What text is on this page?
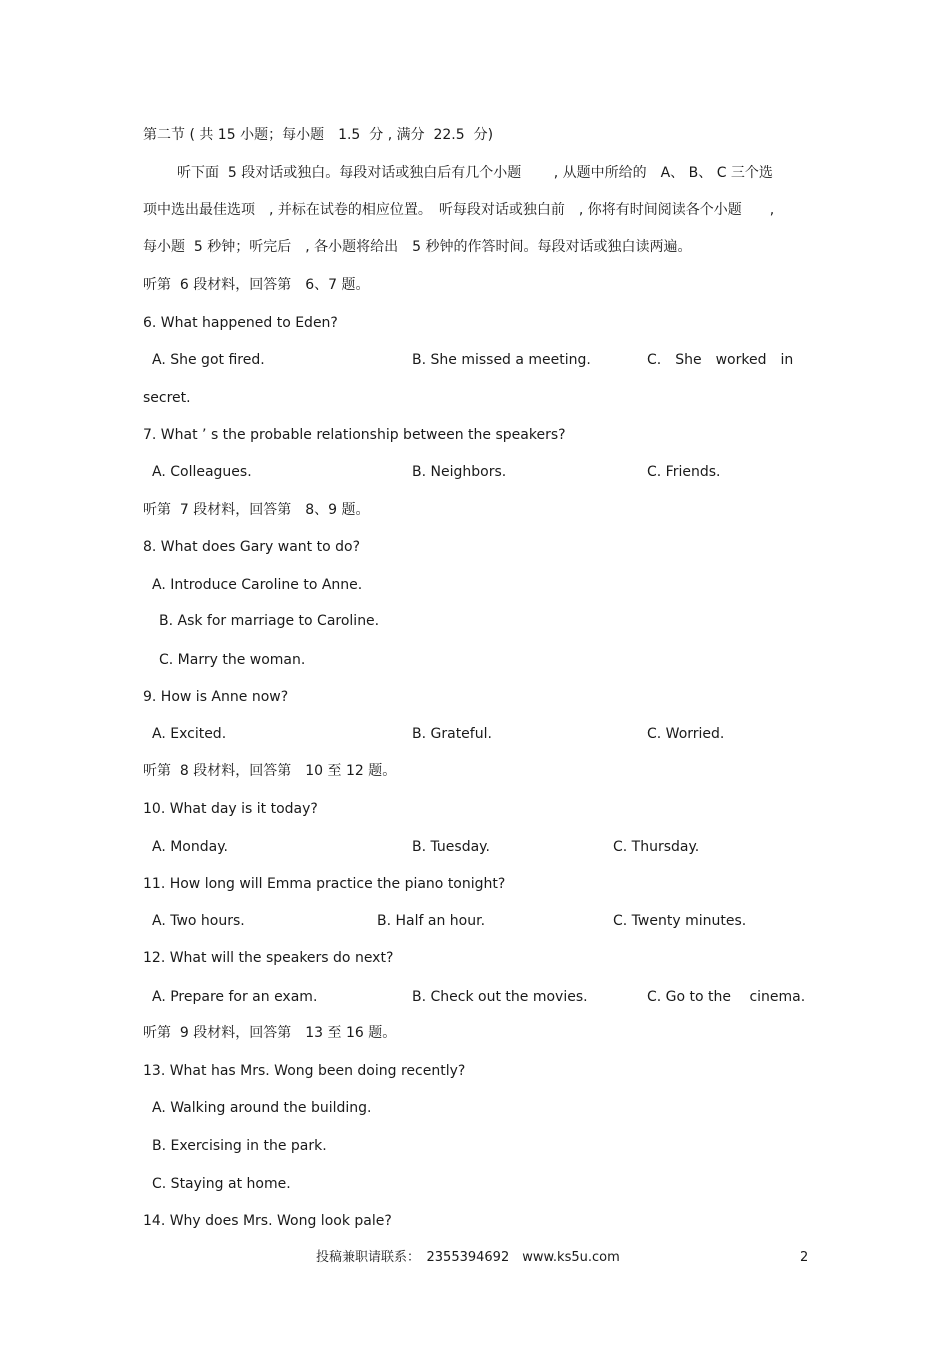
第二节 ( 共 15 小题；每小题　1.5  分 , 满分  22.5  分)
听下面  5 段对话或独白。每段对话或独白后有几个小题　　 , 从题中所给的　A、 B、 C 三个选
项中选出最佳选项　, 并标在试卷的相应位置。　听每段对话或独白前　, 你将有时间阅读各个小题　　,
每小题  5 秒钟；听完后　, 各小题将给出　5 秒钟的作答时间。每段对话或独白读两遍。
听第  6 段材料，回答第　6、7 题。
6. What happened to Eden?
A. She got fired.	B. She missed a meeting.	C.　She　worked　in
secret.
7. What ’ s the probable relationship between the speakers?
A. Colleagues.	B. Neighbors.	C. Friends.
听第  7 段材料，回答第　8、9 题。
8. What does Gary want to do?
A. Introduce Caroline to Anne.
B. Ask for marriage to Caroline.
C. Marry the woman.
9. How is Anne now?
A. Excited.	B. Grateful.	C. Worried.
听第  8 段材料，回答第　10 至 12 题。
10. What day is it today?
A. Monday.	B. Tuesday.	C. Thursday.
11. How long will Emma practice the piano tonight?
A. Two hours.	B. Half an hour.	C. Twenty minutes.
12. What will the speakers do next?
A. Prepare for an exam.	B. Check out the movies.	C. Go to the　 cinema.
听第  9 段材料，回答第　13 至 16 题。
13. What has Mrs. Wong been doing recently?
A. Walking around the building.
B. Exercising in the park.
C. Staying at home.
14. Why does Mrs. Wong look pale?
投稿兼职请联系：　2355394692　www.ks5u.com	2
